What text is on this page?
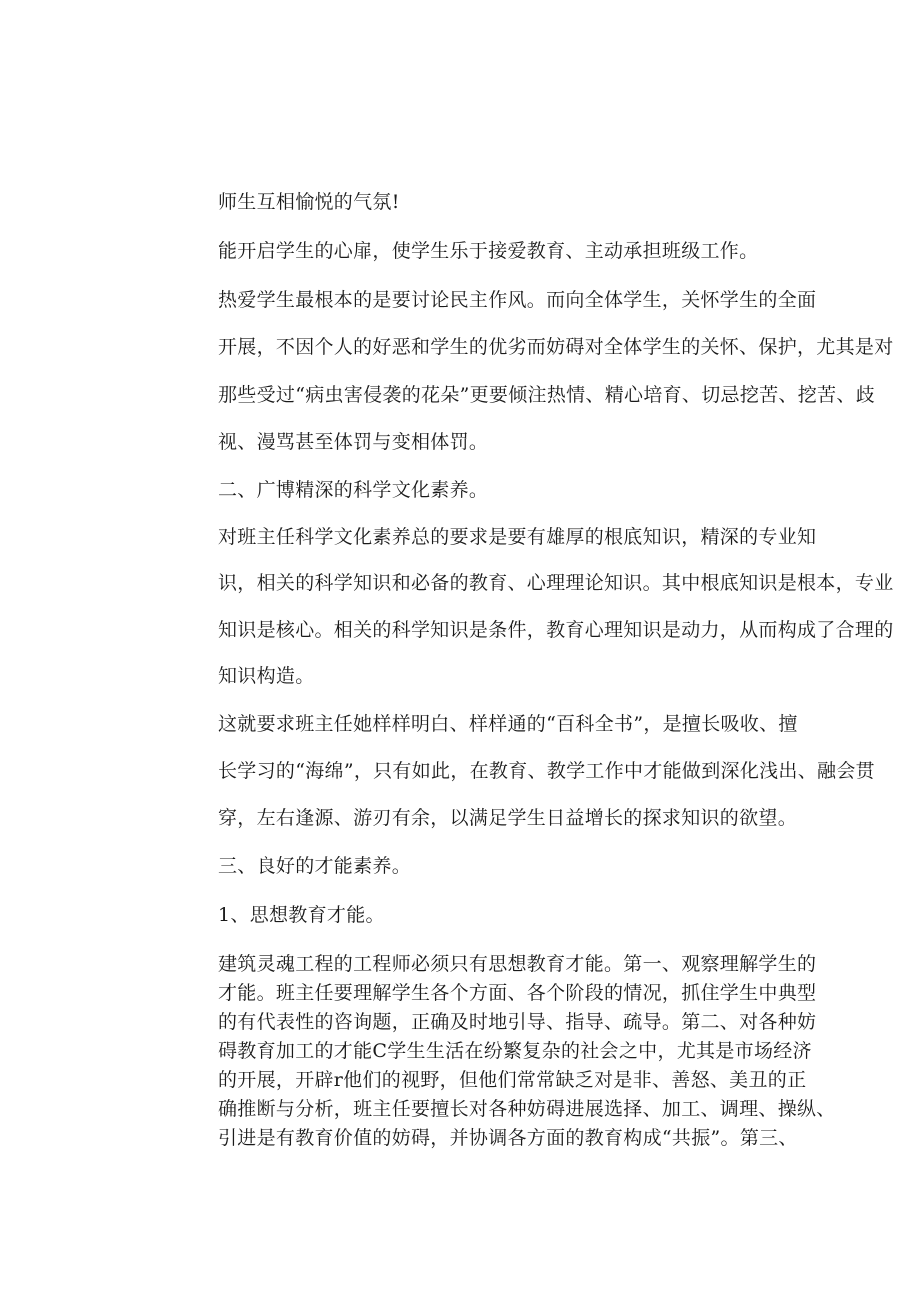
师生互相愉悦的气氛!
能开启学生的心扉，使学生乐于接爱教育、主动承担班级工作。
热爱学生最根本的是要讨论民主作风。而向全体学生，关怀学生的全面
开展，不因个人的好恶和学生的优劣而妨碍对全体学生的关怀、保护，尤其是对
那些受过“病虫害侵袭的花朵”更要倾注热情、精心培育、切忌挖苦、挖苦、歧
视、漫骂甚至体罚与变相体罚。
二、广博精深的科学文化素养。
对班主任科学文化素养总的要求是要有雄厚的根底知识，精深的专业知
识，相关的科学知识和必备的教育、心理理论知识。其中根底知识是根本，专业
知识是核心。相关的科学知识是条件，教育心理知识是动力，从而构成了合理的
知识构造。
这就要求班主任她样样明白、样样通的“百科全书”，是擅长吸收、擅
长学习的“海绵”，只有如此，在教育、教学工作中才能做到深化浅出、融会贯
穿，左右逢源、游刃有余，以满足学生日益增长的探求知识的欲望。
三、良好的才能素养。
1、思想教育才能。
建筑灵魂工程的工程师必须只有思想教育才能。第一、观察理解学生的
才能。班主任要理解学生各个方面、各个阶段的情况，抓住学生中典型
的有代表性的咨询题，正确及时地引导、指导、疏导。第二、对各种妨
碍教育加工的才能C学生生活在纷繁复杂的社会之中，尤其是市场经济
的开展，开辟r他们的视野，但他们常常缺乏对是非、善怒、美丑的正
确推断与分析，班主任要擅长对各种妨碍进展选择、加工、调理、操纵、
引进是有教育价值的妨碍，并协调各方面的教育构成“共振”。第三、
